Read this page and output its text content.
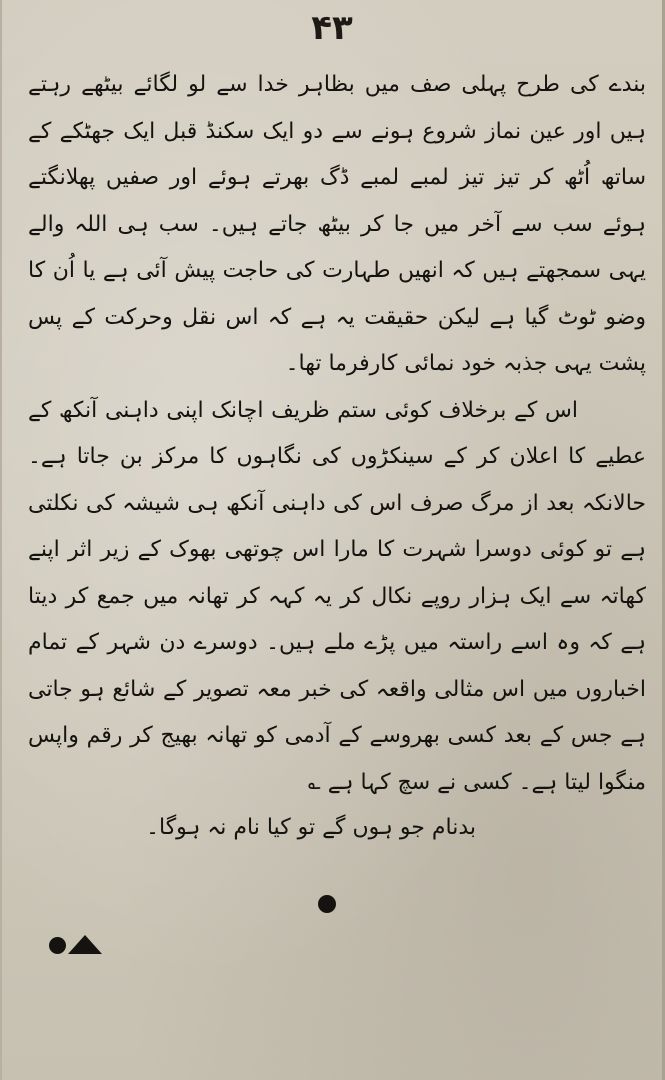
۴۳

بندے کی طرح پہلی صف میں بظاہر خدا سے لو لگائے بیٹھے رہتے ہیں اور عین نماز شروع ہونے سے دو ایک سکنڈ قبل ایک جھٹکے کے ساتھ اُٹھ کر تیز تیز لمبے لمبے ڈگ بھرتے ہوئے اور صفیں پھلانگتے ہوئے سب سے آخر میں جا کر بیٹھ جاتے ہیں۔ سب ہی اللہ والے یہی سمجھتے ہیں کہ انھیں طہارت کی حاجت پیش آئی ہے یا اُن کا وضو ٹوٹ گیا ہے لیکن حقیقت یہ ہے کہ اس نقل وحرکت کے پس پشت یہی جذبہ خود نمائی کارفرما تھا۔

اس کے برخلاف کوئی ستم ظریف اچانک اپنی داہنی آنکھ کے عطیے کا اعلان کر کے سینکڑوں کی نگاہوں کا مرکز بن جاتا ہے۔ حالانکہ بعد از مرگ صرف اس کی داہنی آنکھ ہی شیشہ کی نکلتی ہے تو کوئی دوسرا شہرت کا مارا اس چوتھی بھوک کے زیر اثر اپنے کھاتہ سے ایک ہزار روپے نکال کر یہ کہہ کر تھانہ میں جمع کر دیتا ہے کہ وہ اسے راستہ میں پڑے ملے ہیں۔ دوسرے دن شہر کے تمام اخباروں میں اس مثالی واقعہ کی خبر معہ تصویر کے شائع ہو جاتی ہے جس کے بعد کسی بھروسے کے آدمی کو تھانہ بھیج کر رقم واپس منگوا لیتا ہے۔ کسی نے سچ کہا ہے ؎

بدنام جو ہوں گے تو کیا نام نہ ہوگا۔
